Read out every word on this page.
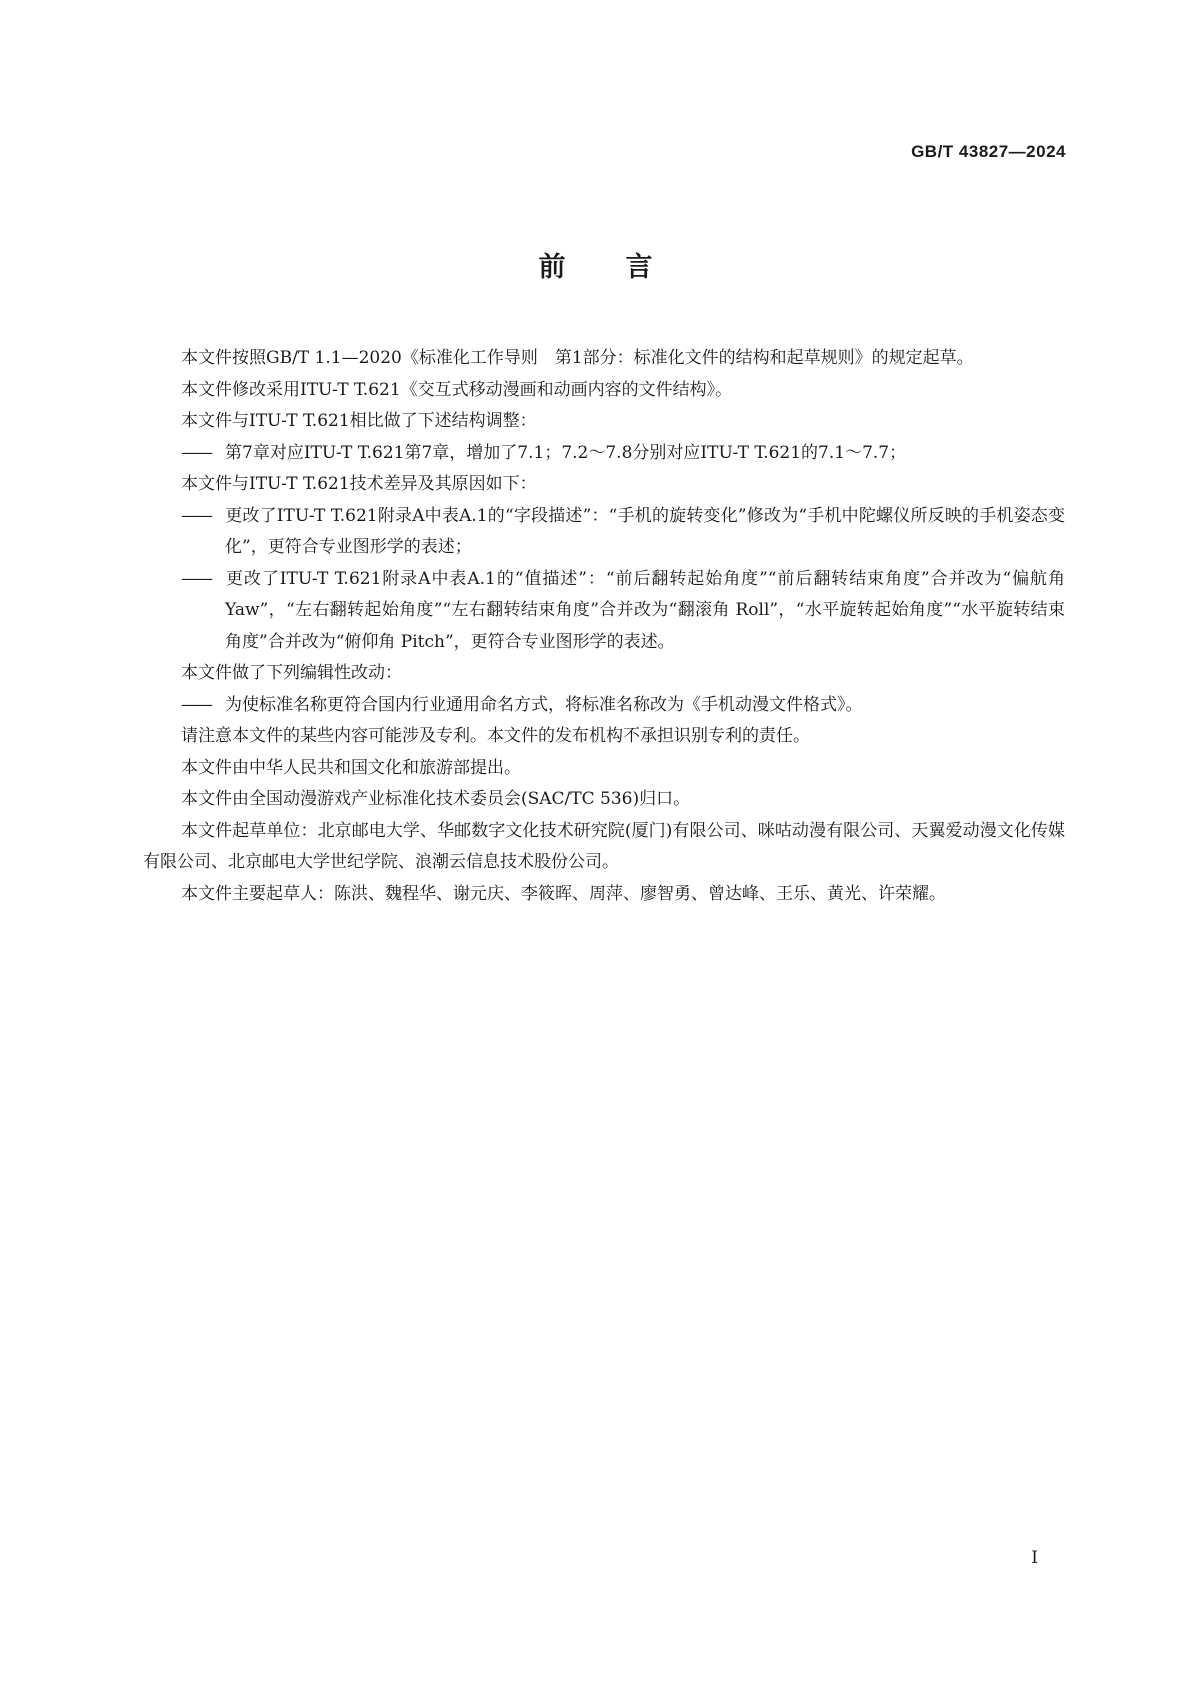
GB/T 43827—2024
前言

本文件按照GB/T 1.1—2020《标准化工作导则　第1部分：标准化文件的结构和起草规则》的规定起草。

本文件修改采用ITU-T T.621《交互式移动漫画和动画内容的文件结构》。

本文件与ITU-T T.621相比做了下述结构调整：

—— 第7章对应ITU-T T.621第7章，增加了7.1；7.2～7.8分别对应ITU-T T.621的7.1～7.7；

本文件与ITU-T T.621技术差异及其原因如下：

—— 更改了ITU-T T.621附录A中表A.1的“字段描述”：“手机的旋转变化”修改为“手机中陀螺仪所反映的手机姿态变化”，更符合专业图形学的表述；

—— 更改了ITU-T T.621附录A中表A.1的“值描述”：“前后翻转起始角度”“前后翻转结束角度”合并改为“偏航角 Yaw”，“左右翻转起始角度”“左右翻转结束角度”合并改为“翻滚角 Roll”，“水平旋转起始角度”“水平旋转结束角度”合并改为“俯仰角 Pitch”，更符合专业图形学的表述。

本文件做了下列编辑性改动：

—— 为使标准名称更符合国内行业通用命名方式，将标准名称改为《手机动漫文件格式》。

请注意本文件的某些内容可能涉及专利。本文件的发布机构不承担识别专利的责任。

本文件由中华人民共和国文化和旅游部提出。

本文件由全国动漫游戏产业标准化技术委员会(SAC/TC 536)归口。

本文件起草单位：北京邮电大学、华邮数字文化技术研究院(厦门)有限公司、咪咕动漫有限公司、天翼爱动漫文化传媒有限公司、北京邮电大学世纪学院、浪潮云信息技术股份公司。

本文件主要起草人：陈洪、魏程华、谢元庆、李筱晖、周萍、廖智勇、曾达峰、王乐、黄光、许荣耀。

I
